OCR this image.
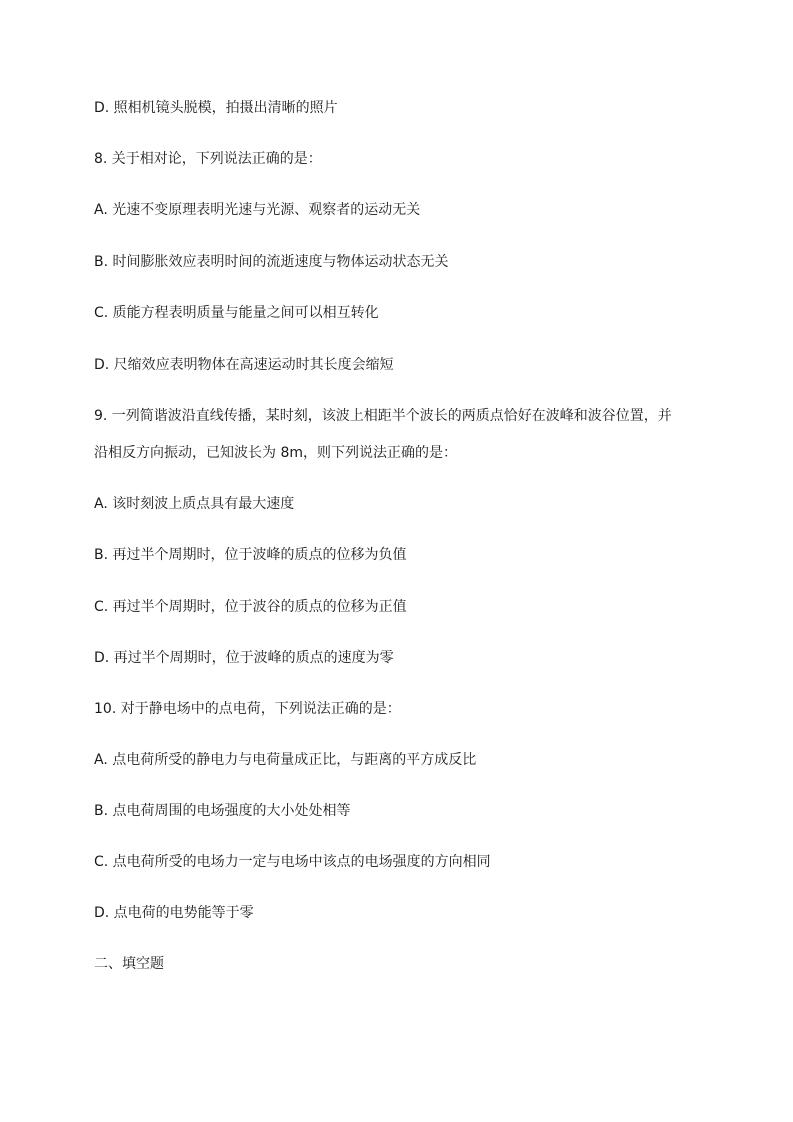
D. 照相机镜头脱模，拍摄出清晰的照片
8. 关于相对论，下列说法正确的是：
A. 光速不变原理表明光速与光源、观察者的运动无关
B. 时间膨胀效应表明时间的流逝速度与物体运动状态无关
C. 质能方程表明质量与能量之间可以相互转化
D. 尺缩效应表明物体在高速运动时其长度会缩短
9. 一列简谐波沿直线传播，某时刻，该波上相距半个波长的两质点恰好在波峰和波谷位置，并
沿相反方向振动，已知波长为 8m，则下列说法正确的是：
A. 该时刻波上质点具有最大速度
B. 再过半个周期时，位于波峰的质点的位移为负值
C. 再过半个周期时，位于波谷的质点的位移为正值
D. 再过半个周期时，位于波峰的质点的速度为零
10. 对于静电场中的点电荷，下列说法正确的是：
A. 点电荷所受的静电力与电荷量成正比，与距离的平方成反比
B. 点电荷周围的电场强度的大小处处相等
C. 点电荷所受的电场力一定与电场中该点的电场强度的方向相同
D. 点电荷的电势能等于零
二、填空题
